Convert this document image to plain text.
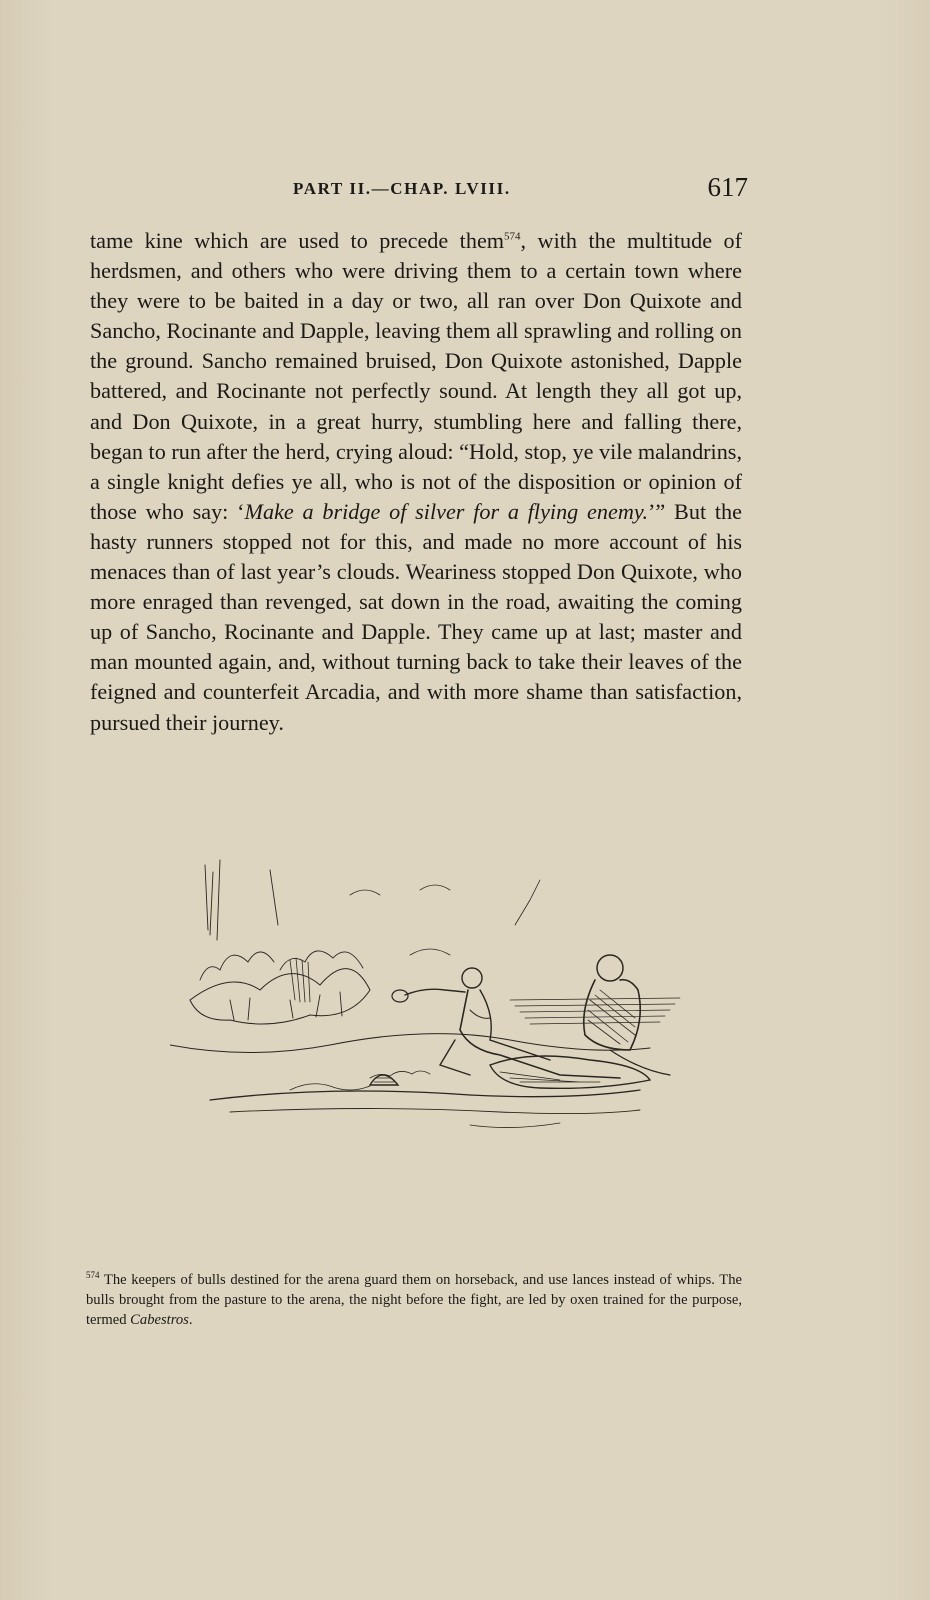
PART II.—CHAP. LVIII.	617

tame kine which are used to precede them$^{574}$, with the multitude of herdsmen, and others who were driving them to a certain town where they were to be baited in a day or two, all ran over Don Quixote and Sancho, Rocinante and Dapple, leaving them all sprawling and rolling on the ground. Sancho remained bruised, Don Quixote astonished, Dapple battered, and Rocinante not perfectly sound. At length they all got up, and Don Quixote, in a great hurry, stumbling here and falling there, began to run after the herd, crying aloud: “Hold, stop, ye vile malandrins, a single knight defies ye all, who is not of the disposition or opinion of those who say: ‘Make a bridge of silver for a flying enemy.’” But the hasty runners stopped not for this, and made no more account of his menaces than of last year’s clouds. Weariness stopped Don Quixote, who more enraged than revenged, sat down in the road, awaiting the coming up of Sancho, Rocinante and Dapple. They came up at last; master and man mounted again, and, without turning back to take their leaves of the feigned and counterfeit Arcadia, and with more shame than satisfaction, pursued their journey.

$^{574}$ The keepers of bulls destined for the arena guard them on horseback, and use lances instead of whips. The bulls brought from the pasture to the arena, the night before the fight, are led by oxen trained for the purpose, termed Cabestros.
